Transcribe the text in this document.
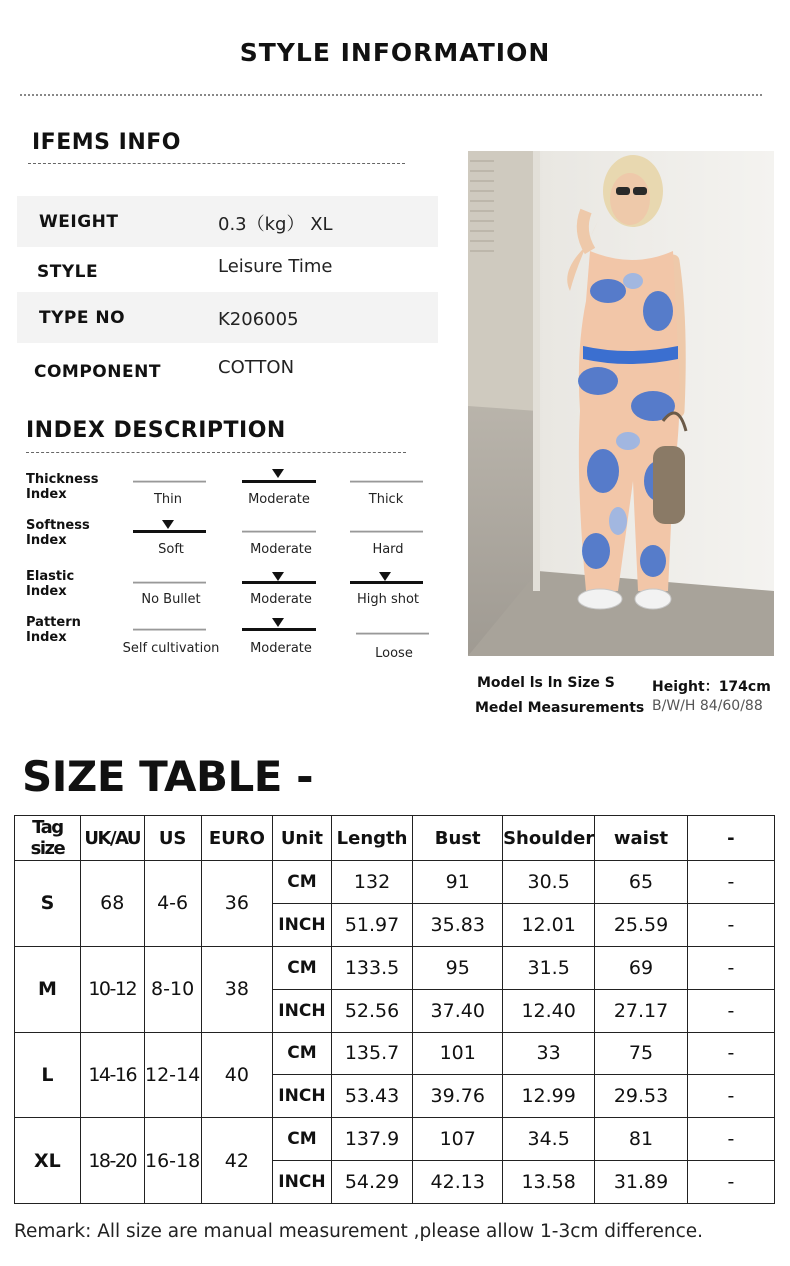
STYLE INFORMATION
IFEMS INFO
WEIGHT	0.3（kg） XL
STYLE	Leisure Time
TYPE NO	K206005
COMPONENT	COTTON
INDEX DESCRIPTION
Thickness
Index	Thin	Moderate	Thick
Softness
Index
Soft	Moderate	Hard
Elastic
Index
No Bullet	Moderate	High shot
Pattern
Index
Self cultivation	Moderate	Loose
Model ls ln Size S
Medel Measurements
Height：174cm
B/W/H 84/60/88
SIZE TABLE -
Tag size	UK/AU	US	EURO	Unit	Length	Bust	Shoulder	waist	-
S	68	4-6	36	CM	132	91	30.5	65	-
				INCH	51.97	35.83	12.01	25.59	-
M	10-12	8-10	38	CM	133.5	95	31.5	69	-
				INCH	52.56	37.40	12.40	27.17	-
L	14-16	12-14	40	CM	135.7	101	33	75	-
				INCH	53.43	39.76	12.99	29.53	-
XL	18-20	16-18	42	CM	137.9	107	34.5	81	-
				INCH	54.29	42.13	13.58	31.89	-
Remark: All size are manual measurement ,please allow 1-3cm difference.
